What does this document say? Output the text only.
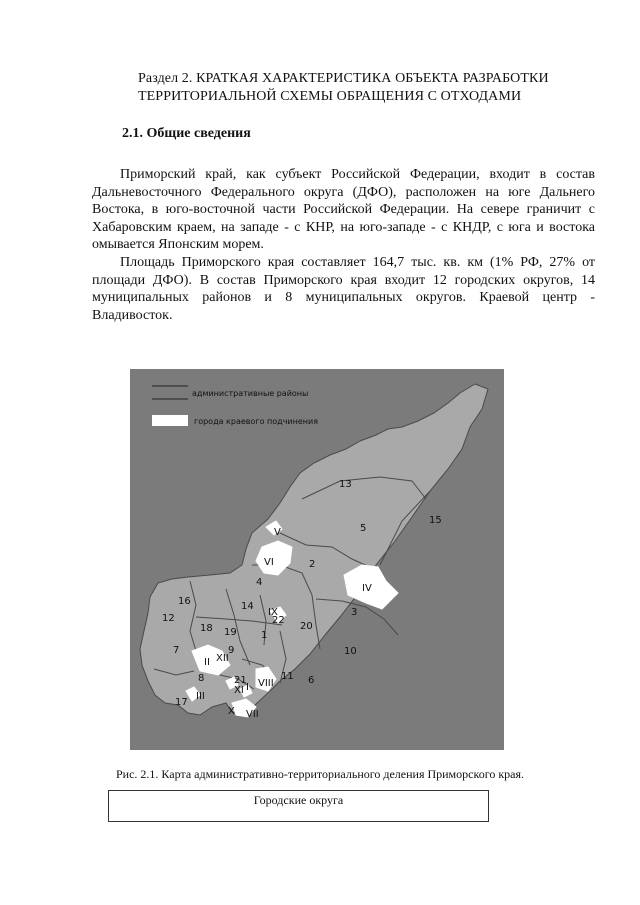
Раздел 2. КРАТКАЯ ХАРАКТЕРИСТИКА ОБЪЕКТА РАЗРАБОТКИ ТЕРРИТОРИАЛЬНОЙ СХЕМЫ ОБРАЩЕНИЯ С ОТХОДАМИ
2.1. Общие сведения

Приморский край, как субъект Российской Федерации, входит в состав Дальневосточного Федерального округа (ДФО), расположен на юге Дальнего Востока, в юго-восточной части Российской Федерации. На севере граничит с Хабаровским краем, на западе - с КНР, на юго-западе - с КНДР, с юга и востока омывается Японским морем.

Площадь Приморского края составляет 164,7 тыс. кв. км (1% РФ, 27% от площади ДФО). В состав Приморского края входит 12 городских округов, 14 муниципальных районов и 8 муниципальных округов. Краевой центр - Владивосток.

административные районы
города краевого подчинения
1
2
3
4
5
6
7
8
9	10
11
12
13
14
15
16
17
18 19
20
21
22
I
II
III
IV
V
VI
VII
VIII
IX
X
XI
XII
Рис. 2.1. Карта административно-территориального деления Приморского края.
Городские округа
